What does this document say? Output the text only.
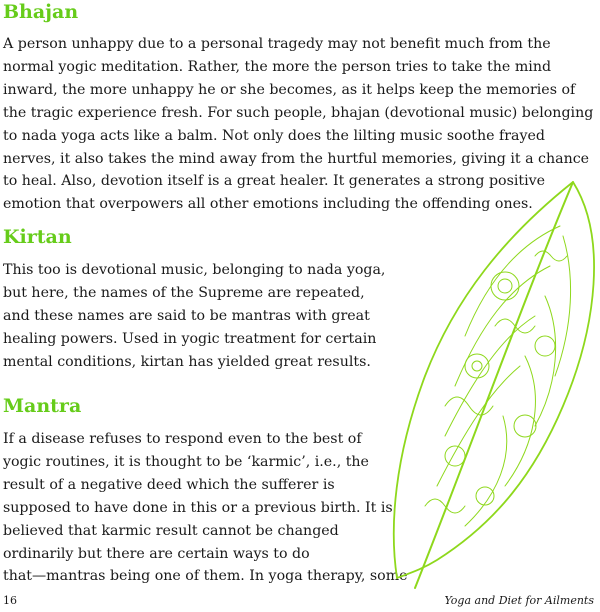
Bhajan
A person unhappy due to a personal tragedy may not benefit much from the
normal yogic meditation. Rather, the more the person tries to take the mind
inward, the more unhappy he or she becomes, as it helps keep the memories of
the tragic experience fresh. For such people, bhajan (devotional music) belonging
to nada yoga acts like a balm. Not only does the lilting music soothe frayed
nerves, it also takes the mind away from the hurtful memories, giving it a chance
to heal. Also, devotion itself is a great healer. It generates a strong positive
emotion that overpowers all other emotions including the offending ones.
Kirtan
This too is devotional music, belonging to nada yoga,
but here, the names of the Supreme are repeated,
and these names are said to be mantras with great
healing powers. Used in yogic treatment for certain
mental conditions, kirtan has yielded great results.
Mantra
If a disease refuses to respond even to the best of
yogic routines, it is thought to be ‘karmic’, i.e., the
result of a negative deed which the sufferer is
supposed to have done in this or a previous birth. It is
believed that karmic result cannot be changed
ordinarily but there are certain ways to do
that—mantras being one of them. In yoga therapy, some
16	Yoga and Diet for Ailments
